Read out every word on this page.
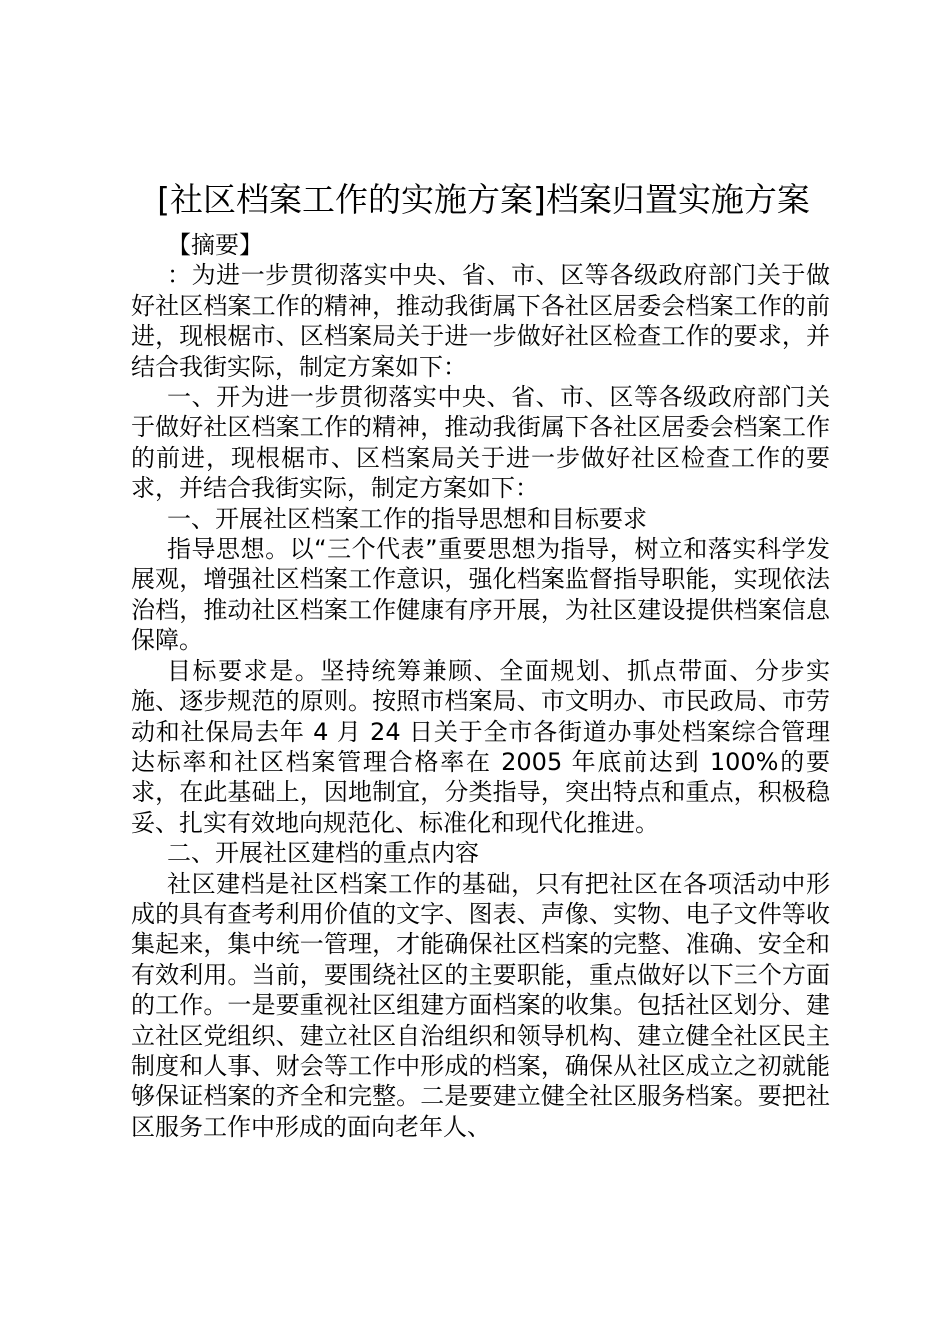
[社区档案工作的实施方案]档案归置实施方案

【摘要】

：为进一步贯彻落实中央、省、市、区等各级政府部门关于做好社区档案工作的精神，推动我街属下各社区居委会档案工作的前进，现根椐市、区档案局关于进一步做好社区检查工作的要求，并结合我街实际，制定方案如下：

一、开为进一步贯彻落实中央、省、市、区等各级政府部门关于做好社区档案工作的精神，推动我街属下各社区居委会档案工作的前进，现根椐市、区档案局关于进一步做好社区检查工作的要求，并结合我街实际，制定方案如下：

一、开展社区档案工作的指导思想和目标要求

指导思想。以“三个代表”重要思想为指导，树立和落实科学发展观，增强社区档案工作意识，强化档案监督指导职能，实现依法治档，推动社区档案工作健康有序开展，为社区建设提供档案信息保障。

目标要求是。坚持统筹兼顾、全面规划、抓点带面、分步实施、逐步规范的原则。按照市档案局、市文明办、市民政局、市劳动和社保局去年 4 月 24 日关于全市各街道办事处档案综合管理达标率和社区档案管理合格率在 2005 年底前达到 100%的要求，在此基础上，因地制宜，分类指导，突出特点和重点，积极稳妥、扎实有效地向规范化、标准化和现代化推进。

二、开展社区建档的重点内容

社区建档是社区档案工作的基础，只有把社区在各项活动中形成的具有查考利用价值的文字、图表、声像、实物、电子文件等收集起来，集中统一管理，才能确保社区档案的完整、准确、安全和有效利用。当前，要围绕社区的主要职能，重点做好以下三个方面的工作。一是要重视社区组建方面档案的收集。包括社区划分、建立社区党组织、建立社区自治组织和领导机构、建立健全社区民主制度和人事、财会等工作中形成的档案，确保从社区成立之初就能够保证档案的齐全和完整。二是要建立健全社区服务档案。要把社区服务工作中形成的面向老年人、
